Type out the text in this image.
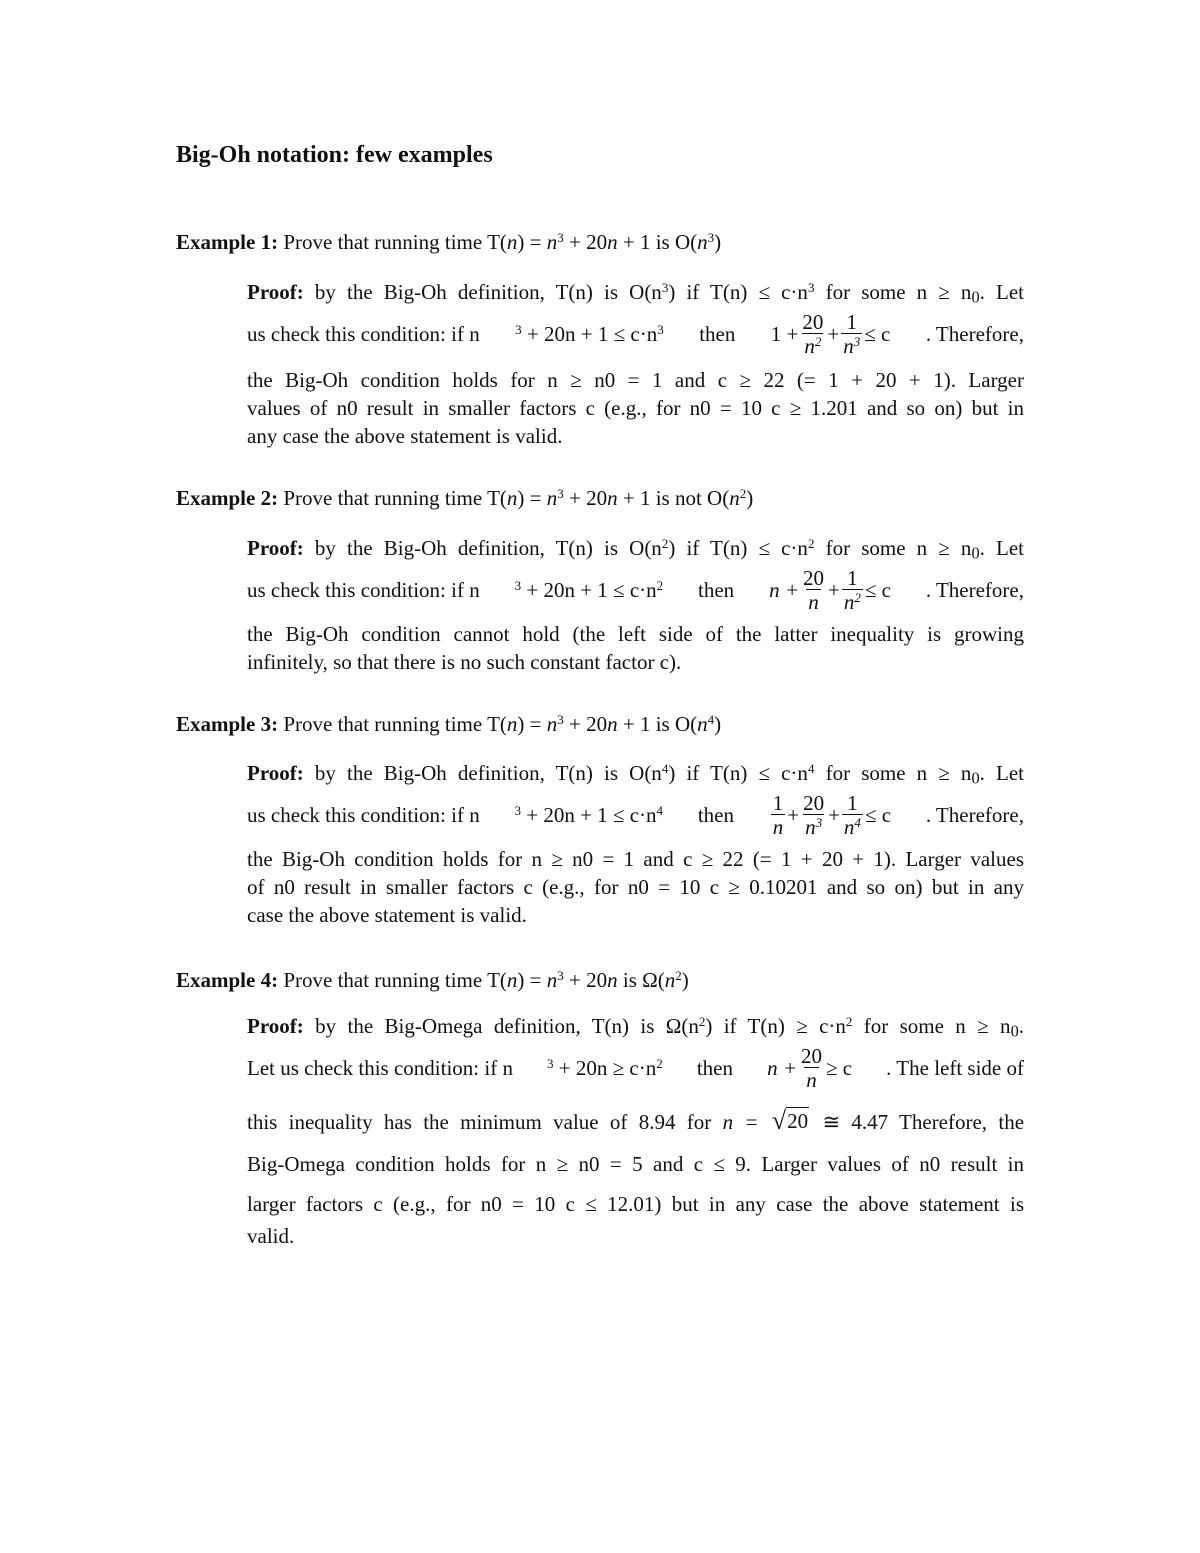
Big-Oh notation: few examples
Example 1: Prove that running time $T(n) = n^3 + 20n + 1$ is $O(n^3)$
Proof: by the Big-Oh definition, T(n) is $O(n^3)$ if $T(n) \le c\cdot n^3$ for some $n \ge n_0$. Let
us check this condition: if n	$^3 + 20n + 1 \le c\cdot n^3$ then $1 + \frac{20}{n^2} + \frac{1}{n^3} \le c$ . Therefore,
the Big-Oh condition holds for n ≥ n0 = 1 and c ≥ 22 (= 1 + 20 + 1). Larger
values of n0 result in smaller factors c (e.g., for n0 = 10 c ≥ 1.201 and so on) but in
any case the above statement is valid.
Example 2: Prove that running time $T(n) = n^3 + 20n + 1$ is not $O(n^2)$
Proof: by the Big-Oh definition, T(n) is $O(n^2)$ if $T(n) \le c\cdot n^2$ for some $n \ge n_0$. Let
us check this condition: if n	$^3 + 20n + 1 \le c\cdot n^2$ then $n + \frac{20}{n} + \frac{1}{n^2} \le c$ . Therefore,
the Big-Oh condition cannot hold (the left side of the latter inequality is growing
infinitely, so that there is no such constant factor c).
Example 3: Prove that running time $T(n) = n^3 + 20n + 1$ is $O(n^4)$
Proof: by the Big-Oh definition, T(n) is $O(n^4)$ if $T(n) \le c\cdot n^4$ for some $n \ge n_0$. Let
us check this condition: if n	$^3 + 20n + 1 \le c\cdot n^4$ then $\frac{1}{n} + \frac{20}{n^3} + \frac{1}{n^4} \le c$ . Therefore,
the Big-Oh condition holds for n ≥ n0 = 1 and c ≥ 22 (= 1 + 20 + 1). Larger values
of n0 result in smaller factors c (e.g., for n0 = 10 c ≥ 0.10201 and so on) but in any
case the above statement is valid.
Example 4: Prove that running time $T(n) = n^3 + 20n$ is $\Omega(n^2)$
Proof: by the Big-Omega definition, T(n) is $\Omega(n^2)$ if $T(n) \ge c\cdot n^2$ for some $n \ge n_0$.
Let us check this condition: if n	$^3 + 20n \ge c\cdot n^2$ then $n + \frac{20}{n} \ge c$ . The left side of
this inequality has the minimum value of 8.94 for n = √ 20 ≅ 4.47 Therefore, the
Big-Omega condition holds for n ≥ n0 = 5 and c ≤ 9. Larger values of n0 result in
larger factors c (e.g., for n0 = 10 c ≤ 12.01) but in any case the above statement is
valid.
